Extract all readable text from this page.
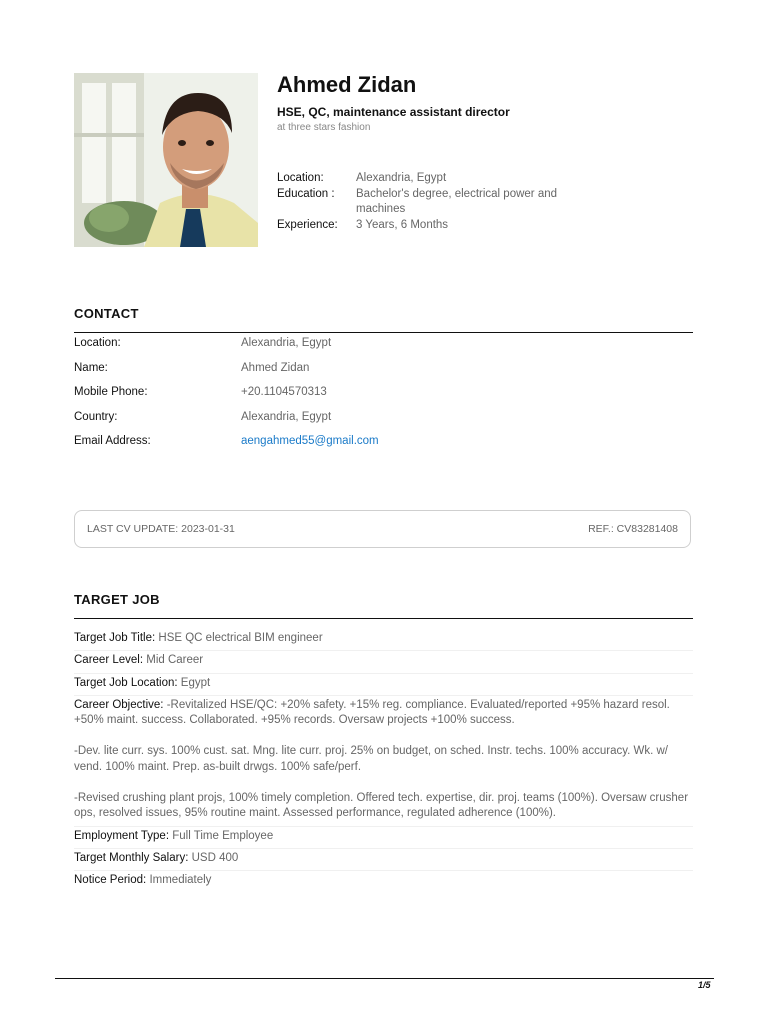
Ahmed Zidan
HSE, QC, maintenance assistant director
at three stars fashion
Location:	Alexandria, Egypt
Education :	Bachelor's degree, electrical power and machines
Experience:	3 Years, 6 Months
CONTACT
Location:	Alexandria, Egypt
Name:	Ahmed Zidan
Mobile Phone:	+20.1104570313
Country:	Alexandria, Egypt
Email Address:	aengahmed55@gmail.com
LAST CV UPDATE: 2023-01-31	REF.: CV83281408
TARGET JOB
Target Job Title: HSE QC electrical BIM engineer
Career Level: Mid Career
Target Job Location: Egypt
Career Objective: -Revitalized HSE/QC: +20% safety. +15% reg. compliance. Evaluated/reported +95% hazard resol. +50% maint. success. Collaborated. +95% records. Oversaw projects +100% success.
-Dev. lite curr. sys. 100% cust. sat. Mng. lite curr. proj. 25% on budget, on sched. Instr. techs. 100% accuracy. Wk. w/ vend. 100% maint. Prep. as-built drwgs. 100% safe/perf.
-Revised crushing plant projs, 100% timely completion. Offered tech. expertise, dir. proj. teams (100%). Oversaw crusher ops, resolved issues, 95% routine maint. Assessed performance, regulated adherence (100%).
Employment Type: Full Time Employee
Target Monthly Salary: USD 400
Notice Period: Immediately
1/5
